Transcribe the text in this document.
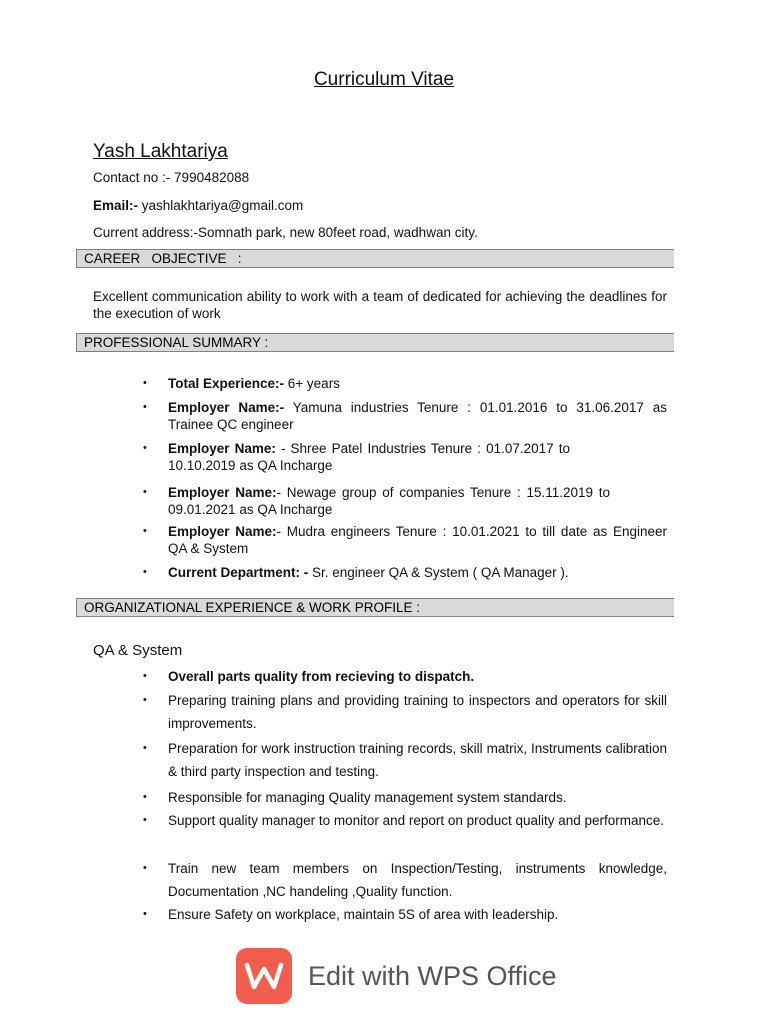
Curriculum Vitae
Yash Lakhtariya
Contact no :- 7990482088
Email:- yashlakhtariya@gmail.com
Current address:-Somnath park, new 80feet road, wadhwan city.
CAREER   OBJECTIVE   :
Excellent communication ability to work with a team of dedicated for achieving the deadlines for the execution of work
PROFESSIONAL SUMMARY :
• Total Experience:- 6+ years
• Employer Name:- Yamuna industries Tenure : 01.01.2016 to 31.06.2017 as Trainee QC engineer
• Employer Name: - Shree Patel Industries Tenure : 01.07.2017 to 10.10.2019 as QA Incharge
• Employer Name:- Newage group of companies Tenure : 15.11.2019 to 09.01.2021 as QA Incharge
• Employer Name:- Mudra engineers Tenure : 10.01.2021 to till date as Engineer QA & System
• Current Department: - Sr. engineer QA & System ( QA Manager ).
ORGANIZATIONAL EXPERIENCE & WORK PROFILE :
QA & System
• Overall parts quality from recieving to dispatch.
• Preparing training plans and providing training to inspectors and operators for skill improvements.
• Preparation for work instruction training records, skill matrix, Instruments calibration & third party inspection and testing.
• Responsible for managing Quality management system standards.
• Support quality manager to monitor and report on product quality and performance.
• Train new team members on Inspection/Testing, instruments knowledge, Documentation ,NC handeling ,Quality function.
• Ensure Safety on workplace, maintain 5S of area with leadership.
Edit with WPS Office
